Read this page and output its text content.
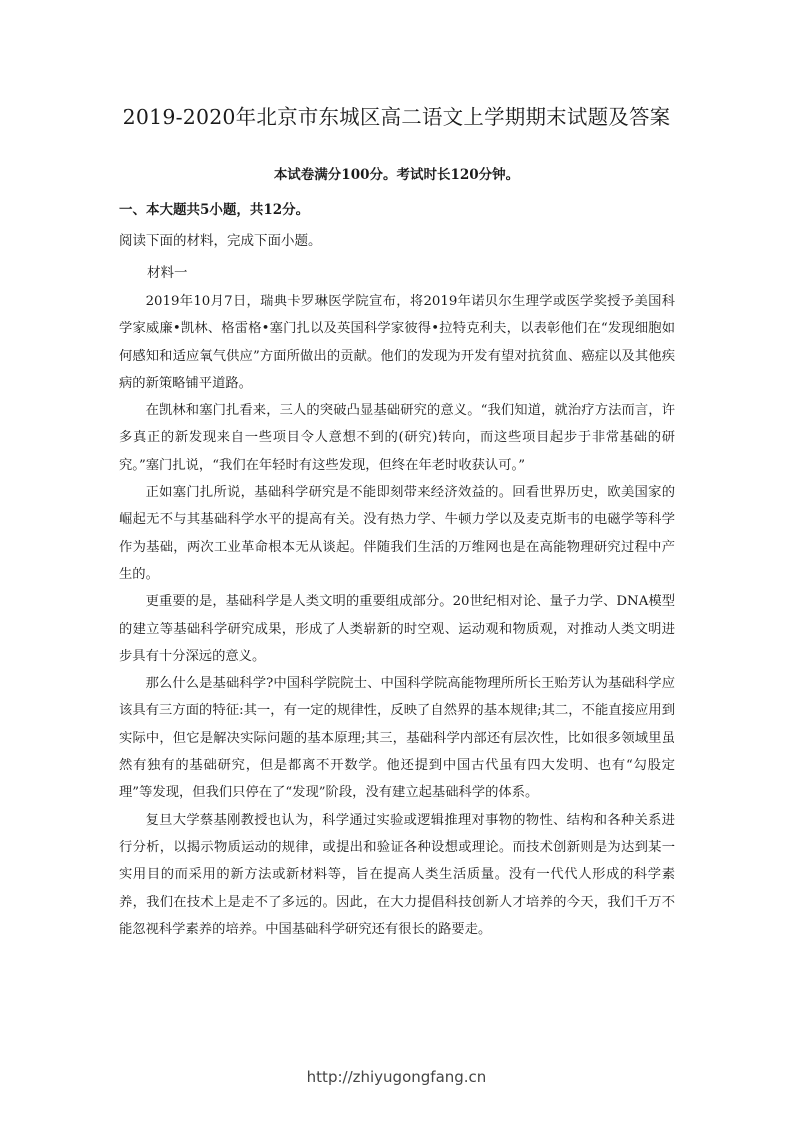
2019-2020年北京市东城区高二语文上学期期末试题及答案
本试卷满分100分。考试时长120分钟。
一、本大题共5小题，共12分。
阅读下面的材料，完成下面小题。
材料一

2019年10月7日，瑞典卡罗琳医学院宣布，将2019年诺贝尔生理学或医学奖授予美国科学家威廉•凯林、格雷格•塞门扎以及英国科学家彼得•拉特克利夫，以表彰他们在“发现细胞如何感知和适应氧气供应”方面所做出的贡献。他们的发现为开发有望对抗贫血、癌症以及其他疾病的新策略铺平道路。

在凯林和塞门扎看来，三人的突破凸显基础研究的意义。“我们知道，就治疗方法而言，许多真正的新发现来自一些项目令人意想不到的(研究)转向，而这些项目起步于非常基础的研究。”塞门扎说，“我们在年轻时有这些发现，但终在年老时收获认可。”

正如塞门扎所说，基础科学研究是不能即刻带来经济效益的。回看世界历史，欧美国家的崛起无不与其基础科学水平的提高有关。没有热力学、牛顿力学以及麦克斯韦的电磁学等科学作为基础，两次工业革命根本无从谈起。伴随我们生活的万维网也是在高能物理研究过程中产生的。

更重要的是，基础科学是人类文明的重要组成部分。20世纪相对论、量子力学、DNA模型的建立等基础科学研究成果，形成了人类崭新的时空观、运动观和物质观，对推动人类文明进步具有十分深远的意义。

那么什么是基础科学?中国科学院院士、中国科学院高能物理所所长王贻芳认为基础科学应该具有三方面的特征:其一，有一定的规律性，反映了自然界的基本规律;其二，不能直接应用到实际中，但它是解决实际问题的基本原理;其三，基础科学内部还有层次性，比如很多领域里虽然有独有的基础研究，但是都离不开数学。他还提到中国古代虽有四大发明、也有“勾股定理”等发现，但我们只停在了“发现”阶段，没有建立起基础科学的体系。

复旦大学蔡基刚教授也认为，科学通过实验或逻辑推理对事物的物性、结构和各种关系进行分析，以揭示物质运动的规律，或提出和验证各种设想或理论。而技术创新则是为达到某一实用目的而采用的新方法或新材料等，旨在提高人类生活质量。没有一代代人形成的科学素养，我们在技术上是走不了多远的。因此，在大力提倡科技创新人才培养的今天，我们千万不能忽视科学素养的培养。中国基础科学研究还有很长的路要走。

http://zhiyugongfang.cn
